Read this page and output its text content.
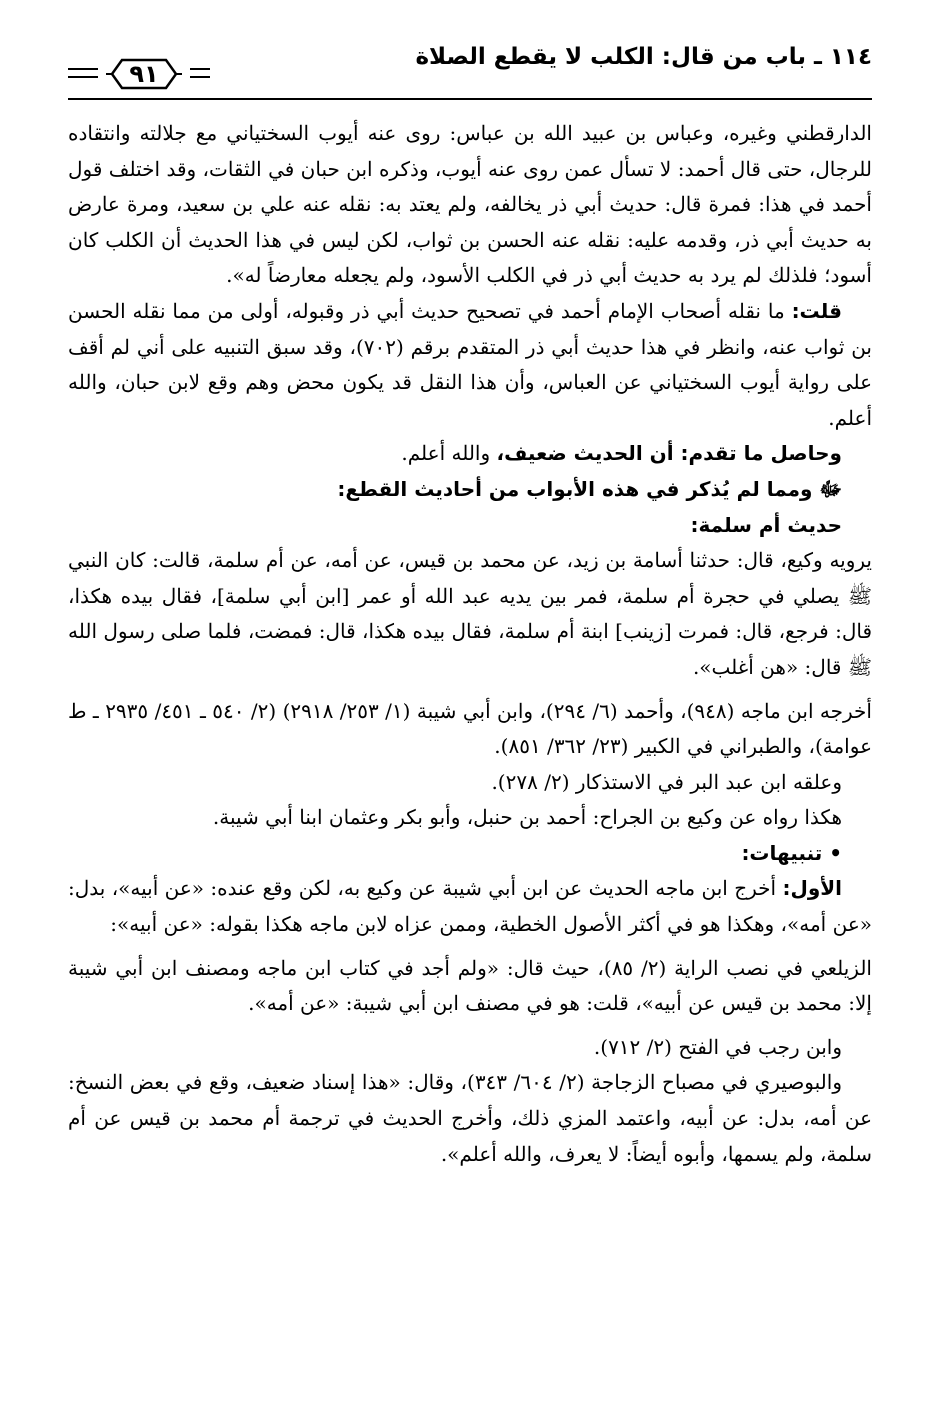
١١٤ ـ باب من قال: الكلب لا يقطع الصلاة
٩١

الدارقطني وغيره، وعباس بن عبيد الله بن عباس: روى عنه أيوب السختياني مع جلالته وانتقاده للرجال، حتى قال أحمد: لا تسأل عمن روى عنه أيوب، وذكره ابن حبان في الثقات، وقد اختلف قول أحمد في هذا: فمرة قال: حديث أبي ذر يخالفه، ولم يعتد به: نقله عنه علي بن سعيد، ومرة عارض به حديث أبي ذر، وقدمه عليه: نقله عنه الحسن بن ثواب، لكن ليس في هذا الحديث أن الكلب كان أسود؛ فلذلك لم يرد به حديث أبي ذر في الكلب الأسود، ولم يجعله معارضاً له».

قلت: ما نقله أصحاب الإمام أحمد في تصحيح حديث أبي ذر وقبوله، أولى من مما نقله الحسن بن ثواب عنه، وانظر في هذا حديث أبي ذر المتقدم برقم (٧٠٢)، وقد سبق التنبيه على أني لم أقف على رواية أيوب السختياني عن العباس، وأن هذا النقل قد يكون محض وهم وقع لابن حبان، والله أعلم.

وحاصل ما تقدم: أن الحديث ضعيف، والله أعلم.

ﷻ ومما لم يُذكر في هذه الأبواب من أحاديث القطع:

حديث أم سلمة:

يرويه وكيع، قال: حدثنا أسامة بن زيد، عن محمد بن قيس، عن أمه، عن أم سلمة، قالت: كان النبي ﷺ يصلي في حجرة أم سلمة، فمر بين يديه عبد الله أو عمر [ابن أبي سلمة]، فقال بيده هكذا، قال: فرجع، قال: فمرت [زينب] ابنة أم سلمة، فقال بيده هكذا، قال: فمضت، فلما صلى رسول الله ﷺ قال: «هن أغلب».

أخرجه ابن ماجه (٩٤٨)، وأحمد (٦/ ٢٩٤)، وابن أبي شيبة (١/ ٢٥٣/ ٢٩١٨) (٢/ ٥٤٠ ـ ٤٥١/ ٢٩٣٥ ـ ط عوامة)، والطبراني في الكبير (٢٣/ ٣٦٢/ ٨٥١).

وعلقه ابن عبد البر في الاستذكار (٢/ ٢٧٨).

هكذا رواه عن وكيع بن الجراح: أحمد بن حنبل، وأبو بكر وعثمان ابنا أبي شيبة.

• تنبيهات:

الأول: أخرج ابن ماجه الحديث عن ابن أبي شيبة عن وكيع به، لكن وقع عنده: «عن أبيه»، بدل: «عن أمه»، وهكذا هو في أكثر الأصول الخطية، وممن عزاه لابن ماجه هكذا بقوله: «عن أبيه»:

الزيلعي في نصب الراية (٢/ ٨٥)، حيث قال: «ولم أجد في كتاب ابن ماجه ومصنف ابن أبي شيبة إلا: محمد بن قيس عن أبيه»، قلت: هو في مصنف ابن أبي شيبة: «عن أمه».

وابن رجب في الفتح (٢/ ٧١٢).

والبوصيري في مصباح الزجاجة (٢/ ٦٠٤/ ٣٤٣)، وقال: «هذا إسناد ضعيف، وقع في بعض النسخ: عن أمه، بدل: عن أبيه، واعتمد المزي ذلك، وأخرج الحديث في ترجمة أم محمد بن قيس عن أم سلمة، ولم يسمها، وأبوه أيضاً: لا يعرف، والله أعلم».
